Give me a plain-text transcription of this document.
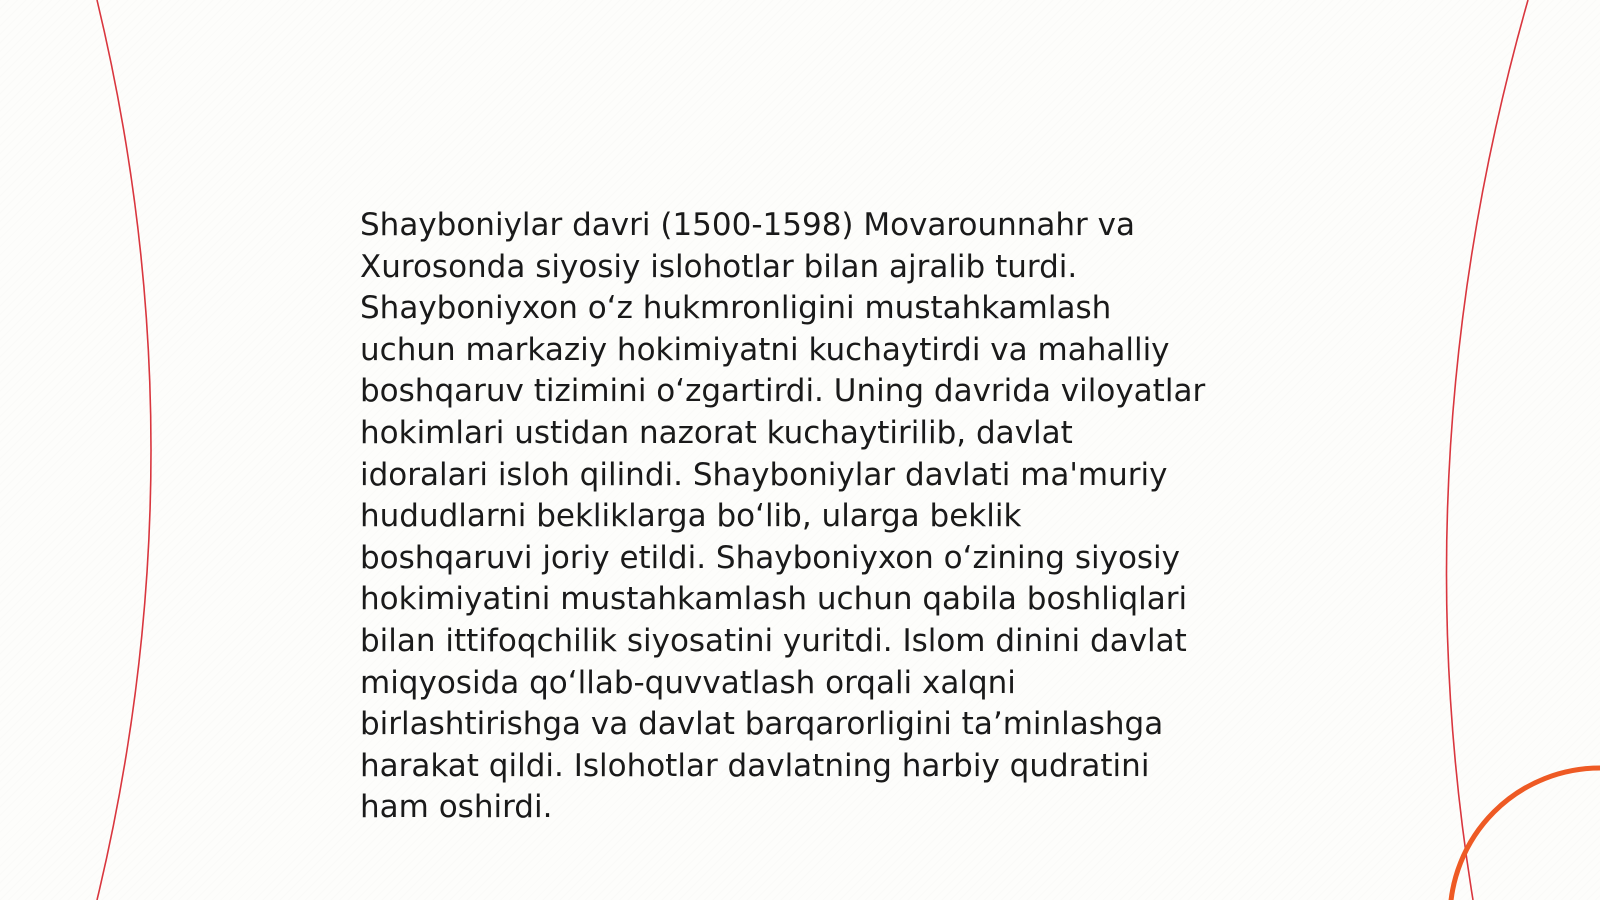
Shayboniylar davri (1500-1598) Movarounnahr va
Xurosonda siyosiy islohotlar bilan ajralib turdi.
Shayboniyxon o‘z hukmronligini mustahkamlash
uchun markaziy hokimiyatni kuchaytirdi va mahalliy
boshqaruv tizimini o‘zgartirdi. Uning davrida viloyatlar
hokimlari ustidan nazorat kuchaytirilib, davlat
idoralari isloh qilindi. Shayboniylar davlati ma'muriy
hududlarni bekliklarga bo‘lib, ularga beklik
boshqaruvi joriy etildi. Shayboniyxon o‘zining siyosiy
hokimiyatini mustahkamlash uchun qabila boshliqlari
bilan ittifoqchilik siyosatini yuritdi. Islom dinini davlat
miqyosida qo‘llab-quvvatlash orqali xalqni
birlashtirishga va davlat barqarorligini ta’minlashga
harakat qildi. Islohotlar davlatning harbiy qudratini
ham oshirdi.
